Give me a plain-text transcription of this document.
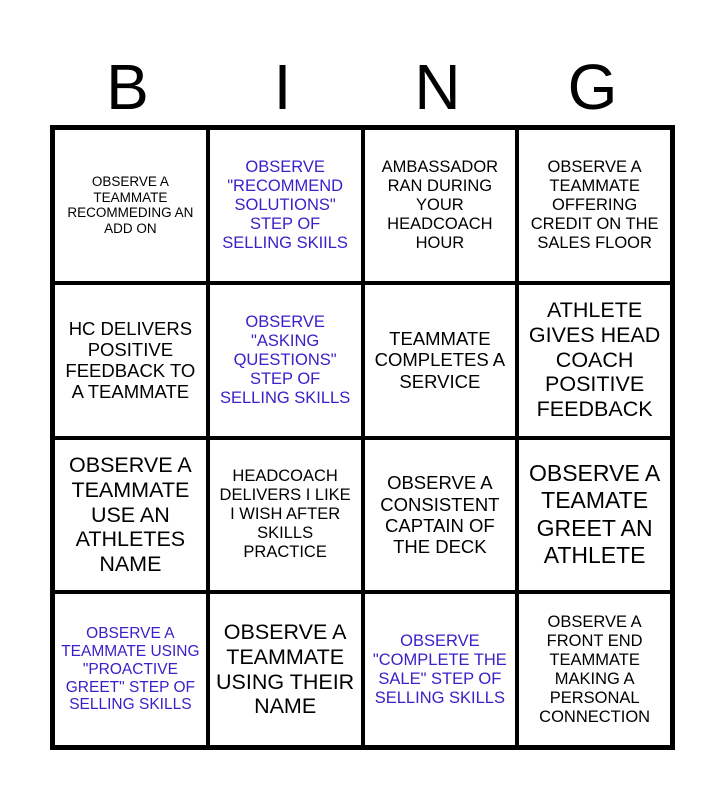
B	I	N	G
OBSERVE A TEAMMATE RECOMMEDING AN ADD ON
OBSERVE "RECOMMEND SOLUTIONS" STEP OF SELLING SKIILS
AMBASSADOR RAN DURING YOUR HEADCOACH HOUR
OBSERVE A TEAMMATE OFFERING CREDIT ON THE SALES FLOOR
HC DELIVERS POSITIVE FEEDBACK TO A TEAMMATE
OBSERVE "ASKING QUESTIONS" STEP OF SELLING SKILLS
TEAMMATE COMPLETES A SERVICE
ATHLETE GIVES HEAD COACH POSITIVE FEEDBACK
OBSERVE A TEAMMATE USE AN ATHLETES NAME
HEADCOACH DELIVERS I LIKE I WISH AFTER SKILLS PRACTICE
OBSERVE A CONSISTENT CAPTAIN OF THE DECK
OBSERVE A TEAMATE GREET AN ATHLETE
OBSERVE A TEAMMATE USING "PROACTIVE GREET" STEP OF SELLING SKILLS
OBSERVE A TEAMMATE USING THEIR NAME
OBSERVE "COMPLETE THE SALE" STEP OF SELLING SKILLS
OBSERVE A FRONT END TEAMMATE MAKING A PERSONAL CONNECTION
